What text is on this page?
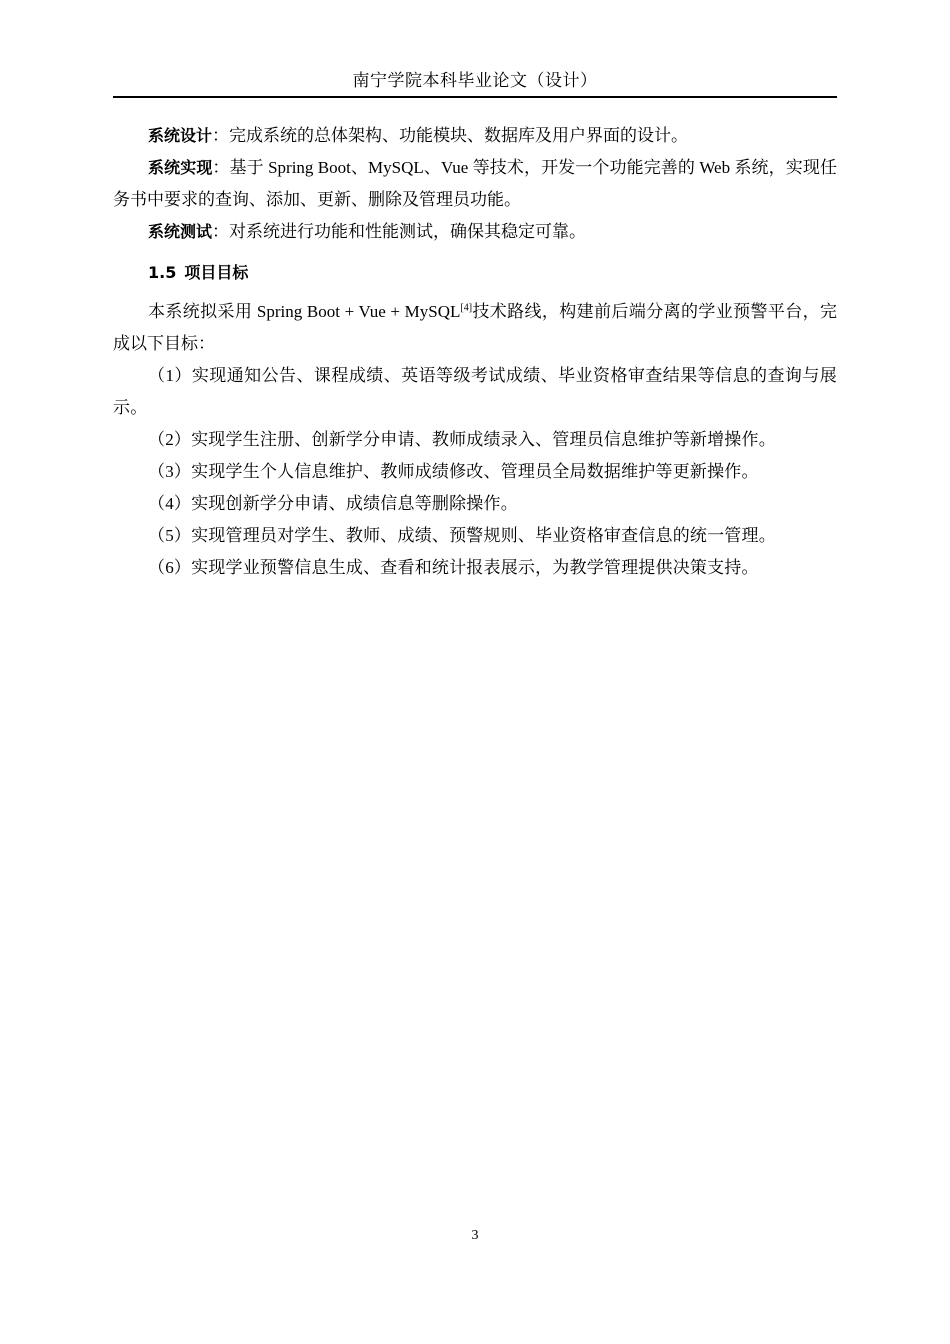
南宁学院本科毕业论文（设计）

系统设计：完成系统的总体架构、功能模块、数据库及用户界面的设计。

系统实现：基于 Spring Boot、MySQL、Vue 等技术，开发一个功能完善的 Web 系统，实现任务书中要求的查询、添加、更新、删除及管理员功能。

系统测试：对系统进行功能和性能测试，确保其稳定可靠。

1.5 项目目标

本系统拟采用 Spring Boot + Vue + MySQL[4]技术路线，构建前后端分离的学业预警平台，完成以下目标：

（1）实现通知公告、课程成绩、英语等级考试成绩、毕业资格审查结果等信息的查询与展示。

（2）实现学生注册、创新学分申请、教师成绩录入、管理员信息维护等新增操作。

（3）实现学生个人信息维护、教师成绩修改、管理员全局数据维护等更新操作。

（4）实现创新学分申请、成绩信息等删除操作。

（5）实现管理员对学生、教师、成绩、预警规则、毕业资格审查信息的统一管理。

（6）实现学业预警信息生成、查看和统计报表展示，为教学管理提供决策支持。

3
